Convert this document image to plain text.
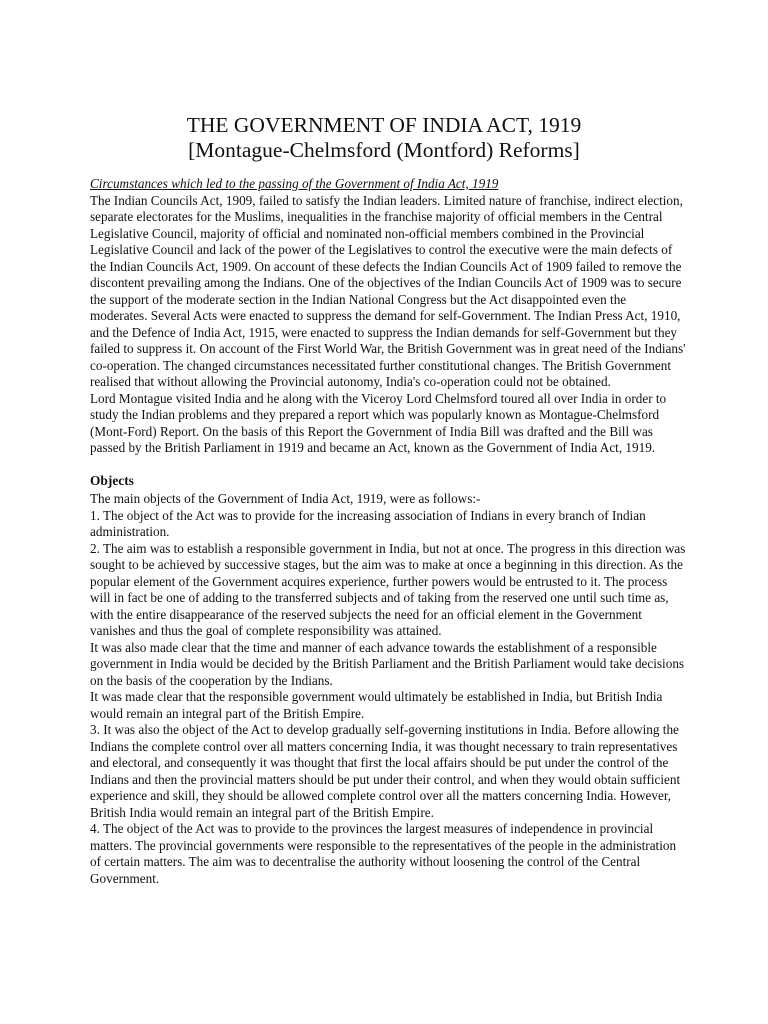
THE GOVERNMENT OF INDIA ACT, 1919
[Montague-Chelmsford (Montford) Reforms]

Circumstances which led to the passing of the Government of India Act, 1919

The Indian Councils Act, 1909, failed to satisfy the Indian leaders. Limited nature of franchise, indirect election, separate electorates for the Muslims, inequalities in the franchise majority of official members in the Central Legislative Council, majority of official and nominated non-official members combined in the Provincial Legislative Council and lack of the power of the Legislatives to control the executive were the main defects of the Indian Councils Act, 1909. On account of these defects the Indian Councils Act of 1909 failed to remove the discontent prevailing among the Indians. One of the objectives of the Indian Councils Act of 1909 was to secure the support of the moderate section in the Indian National Congress but the Act disappointed even the moderates. Several Acts were enacted to suppress the demand for self-Government. The Indian Press Act, 1910, and the Defence of India Act, 1915, were enacted to suppress the Indian demands for self-Government but they failed to suppress it. On account of the First World War, the British Government was in great need of the Indians' co-operation. The changed circumstances necessitated further constitutional changes. The British Government realised that without allowing the Provincial autonomy, India's co-operation could not be obtained.

Lord Montague visited India and he along with the Viceroy Lord Chelmsford toured all over India in order to study the Indian problems and they prepared a report which was popularly known as Montague-Chelmsford (Mont-Ford) Report. On the basis of this Report the Government of India Bill was drafted and the Bill was passed by the British Parliament in 1919 and became an Act, known as the Government of India Act, 1919.

Objects

The main objects of the Government of India Act, 1919, were as follows:-

1. The object of the Act was to provide for the increasing association of Indians in every branch of Indian administration.

2. The aim was to establish a responsible government in India, but not at once. The progress in this direction was sought to be achieved by successive stages, but the aim was to make at once a beginning in this direction. As the popular element of the Government acquires experience, further powers would be entrusted to it. The process will in fact be one of adding to the transferred subjects and of taking from the reserved one until such time as, with the entire disappearance of the reserved subjects the need for an official element in the Government vanishes and thus the goal of complete responsibility was attained.

It was also made clear that the time and manner of each advance towards the establishment of a responsible government in India would be decided by the British Parliament and the British Parliament would take decisions on the basis of the cooperation by the Indians.

It was made clear that the responsible government would ultimately be established in India, but British India would remain an integral part of the British Empire.

3. It was also the object of the Act to develop gradually self-governing institutions in India. Before allowing the Indians the complete control over all matters concerning India, it was thought necessary to train representatives and electoral, and consequently it was thought that first the local affairs should be put under the control of the Indians and then the provincial matters should be put under their control, and when they would obtain sufficient experience and skill, they should be allowed complete control over all the matters concerning India. However, British India would remain an integral part of the British Empire.

4. The object of the Act was to provide to the provinces the largest measures of independence in provincial matters. The provincial governments were responsible to the representatives of the people in the administration of certain matters. The aim was to decentralise the authority without loosening the control of the Central Government.
